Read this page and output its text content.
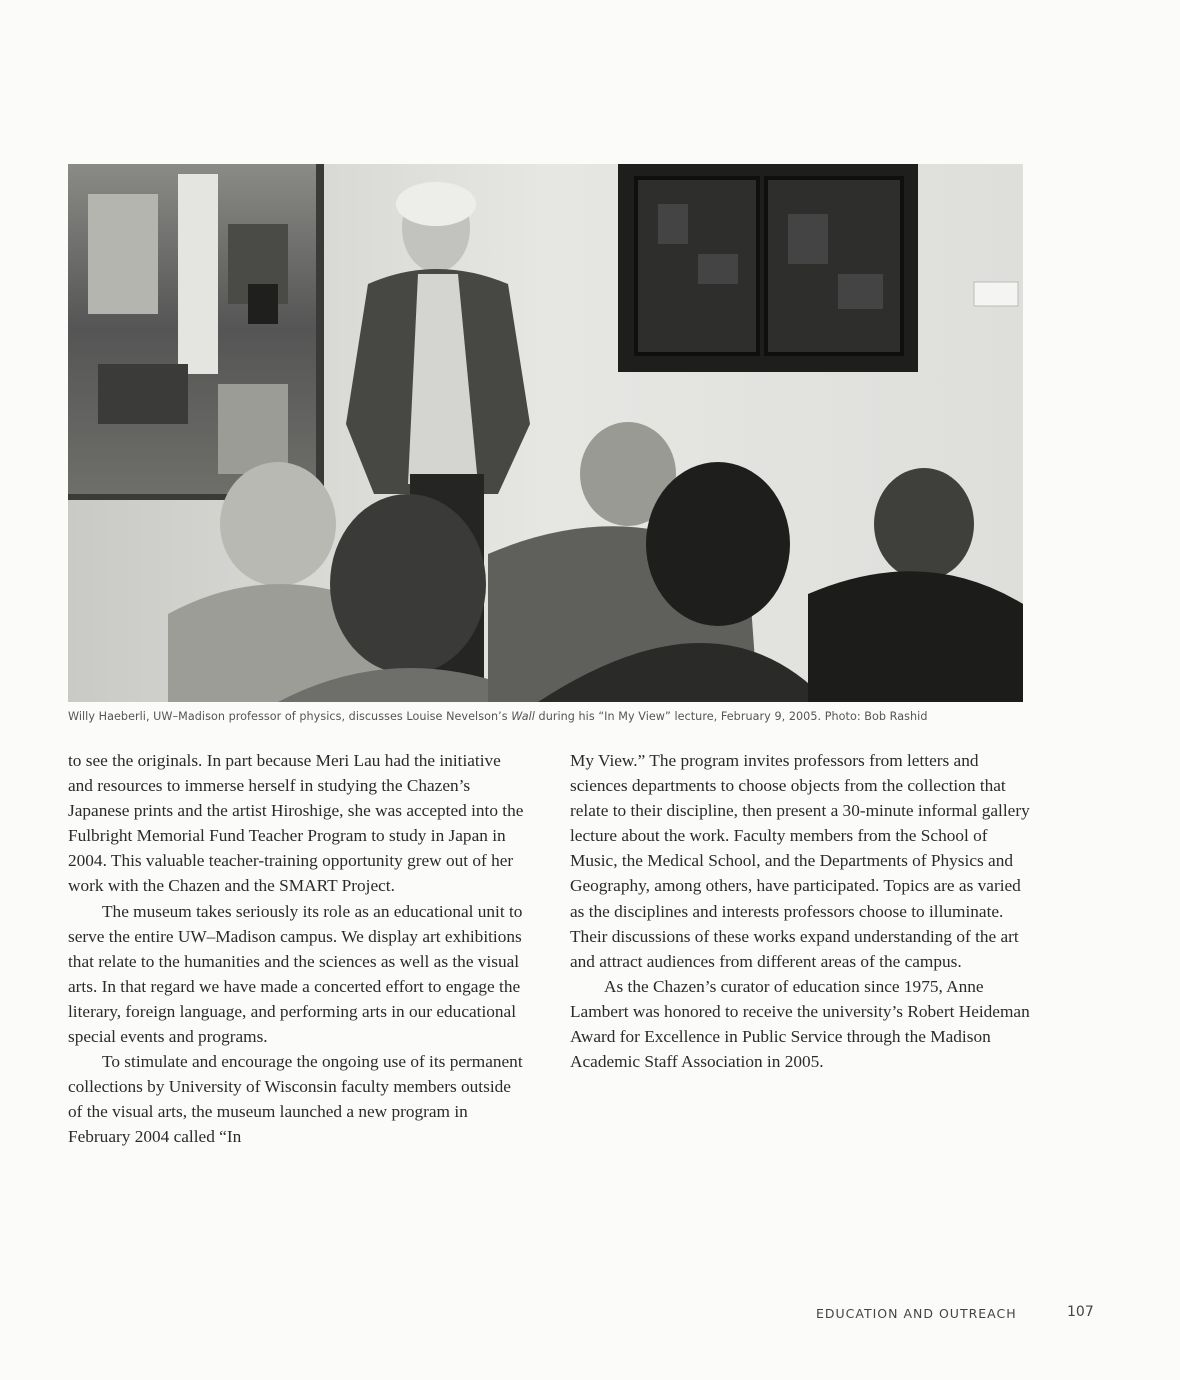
Willy Haeberli, UW–Madison professor of physics, discusses Louise Nevelson’s Wall during his “In My View” lecture, February 9, 2005. Photo: Bob Rashid

to see the originals. In part because Meri Lau had the initiative and resources to immerse herself in studying the Chazen’s Japanese prints and the artist Hiroshige, she was accepted into the Fulbright Memorial Fund Teacher Program to study in Japan in 2004. This valuable teacher-training opportunity grew out of her work with the Chazen and the SMART Project.

The museum takes seriously its role as an educational unit to serve the entire UW–Madison campus. We display art exhibitions that relate to the humanities and the sciences as well as the visual arts. In that regard we have made a concerted effort to engage the literary, foreign language, and performing arts in our educational special events and programs.

To stimulate and encourage the ongoing use of its permanent collections by University of Wisconsin faculty members outside of the visual arts, the museum launched a new program in February 2004 called “In

My View.” The program invites professors from letters and sciences departments to choose objects from the collection that relate to their discipline, then present a 30-minute informal gallery lecture about the work. Faculty members from the School of Music, the Medical School, and the Departments of Physics and Geography, among others, have participated. Topics are as varied as the disciplines and interests professors choose to illuminate. Their discussions of these works expand understanding of the art and attract audiences from different areas of the campus.

As the Chazen’s curator of education since 1975, Anne Lambert was honored to receive the university’s Robert Heideman Award for Excellence in Public Service through the Madison Academic Staff Association in 2005.

EDUCATION AND OUTREACH	107
